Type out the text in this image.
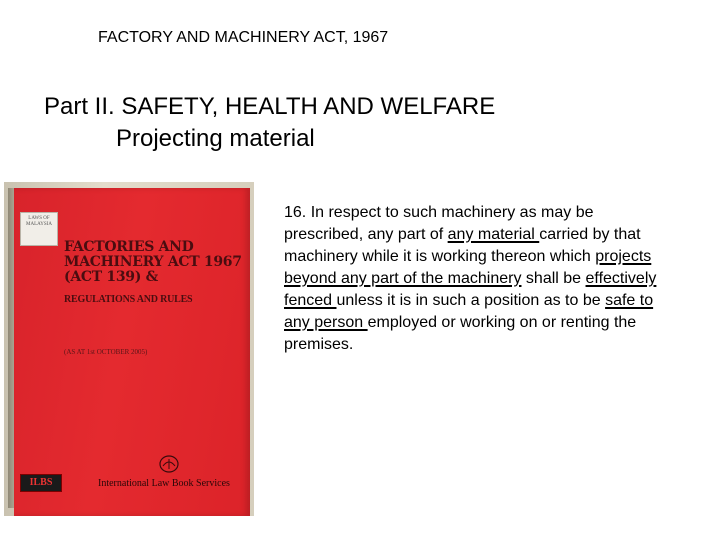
FACTORY AND MACHINERY ACT, 1967
Part II. SAFETY, HEALTH AND WELFARE
Projecting material
LAWS OF MALAYSIA
FACTORIES AND
MACHINERY ACT 1967
(ACT 139) &
REGULATIONS AND RULES
(AS AT 1st OCTOBER 2005)
ILBS	International Law Book Services
16. In respect to such machinery as may be prescribed, any part of any material carried by that machinery while it is working thereon which projects beyond any part of the machinery shall be effectively fenced unless it is in such a position as to be safe to any person employed or working on or renting the premises.
